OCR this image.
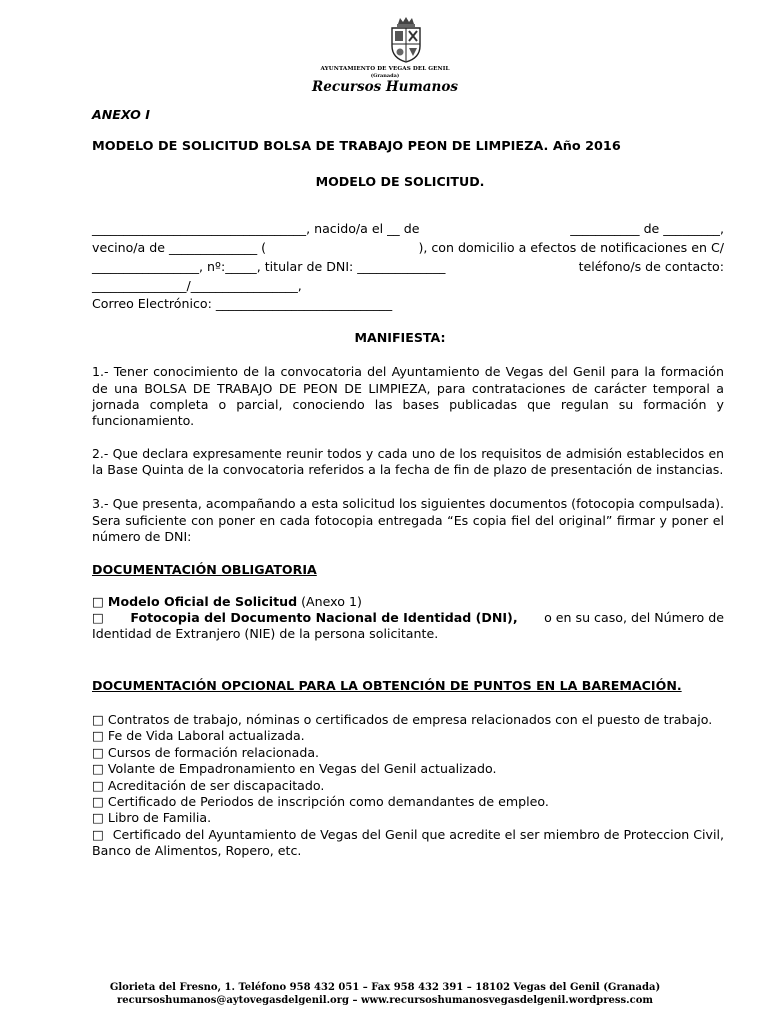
AYUNTAMIENTO DE VEGAS DEL GENIL
(Granada)
Recursos Humanos
ANEXO I
MODELO DE SOLICITUD BOLSA DE TRABAJO PEON DE LIMPIEZA. Año 2016
MODELO DE SOLICITUD.
__________________________________, nacido/a el __ de	___________ de _________,
vecino/a de ______________ (	), con domicilio a efectos de notificaciones en C/
_________________, nº:_____, titular de DNI: ______________	teléfono/s de contacto:
_______________/_________________,
Correo Electrónico: ____________________________
MANIFIESTA:
1.- Tener conocimiento de la convocatoria del Ayuntamiento de Vegas del Genil para la formación de una BOLSA DE TRABAJO DE PEON DE LIMPIEZA, para contrataciones de carácter temporal a jornada completa o parcial, conociendo las bases publicadas que regulan su formación y
funcionamiento.
2.- Que declara expresamente reunir todos y cada uno de los requisitos de admisión establecidos en
la Base Quinta de la convocatoria referidos a la fecha de fin de plazo de presentación de instancias.
3.- Que presenta, acompañando a esta solicitud los siguientes documentos (fotocopia compulsada). Sera suficiente con poner en cada fotocopia entregada “Es copia fiel del original” firmar y poner el
número de DNI:
DOCUMENTACIÓN OBLIGATORIA
□ Modelo Oficial de Solicitud (Anexo 1)
□ Fotocopia del Documento Nacional de Identidad (DNI), o en su caso, del Número de
Identidad de Extranjero (NIE) de la persona solicitante.
DOCUMENTACIÓN OPCIONAL PARA LA OBTENCIÓN DE PUNTOS EN LA BAREMACIÓN.
□ Contratos de trabajo, nóminas o certificados de empresa relacionados con el puesto de trabajo.
□ Fe de Vida Laboral actualizada.
□ Cursos de formación relacionada.
□ Volante de Empadronamiento en Vegas del Genil actualizado.
□ Acreditación de ser discapacitado.
□ Certificado de Periodos de inscripción como demandantes de empleo.
□ Libro de Familia.
□ Certificado del Ayuntamiento de Vegas del Genil que acredite el ser miembro de Proteccion Civil,
Banco de Alimentos, Ropero, etc.
Glorieta del Fresno, 1. Teléfono 958 432 051 – Fax 958 432 391 – 18102 Vegas del Genil (Granada)
recursoshumanos@aytovegasdelgenil.org – www.recursoshumanosvegasdelgenil.wordpress.com
